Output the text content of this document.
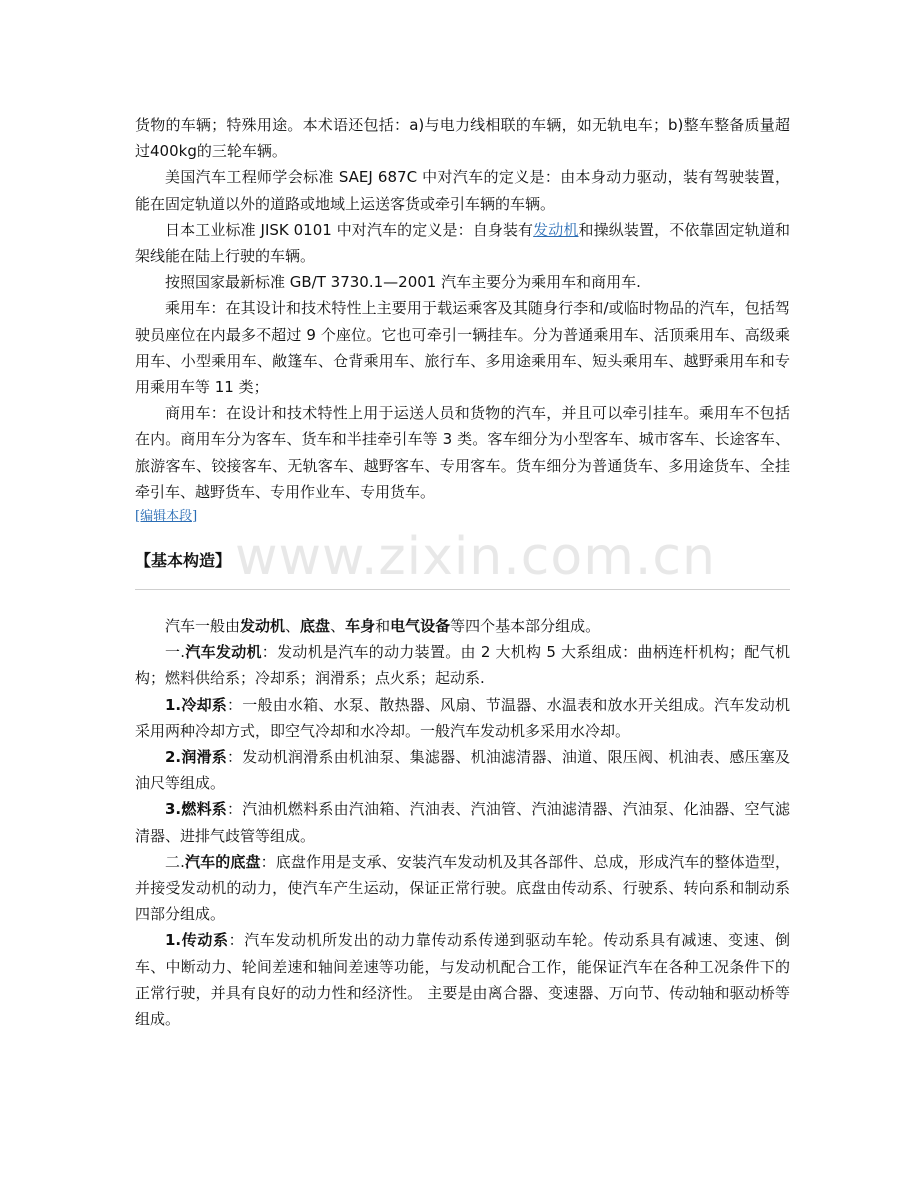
货物的车辆；特殊用途。本术语还包括：a)与电力线相联的车辆，如无轨电车；b)整车整备质量超过400kg的三轮车辆。

美国汽车工程师学会标准 SAEJ 687C 中对汽车的定义是：由本身动力驱动，装有驾驶装置，能在固定轨道以外的道路或地域上运送客货或牵引车辆的车辆。

日本工业标准 JISK 0101 中对汽车的定义是：自身装有发动机和操纵装置，不依靠固定轨道和架线能在陆上行驶的车辆。

按照国家最新标准 GB/T 3730.1—2001 汽车主要分为乘用车和商用车.

乘用车：在其设计和技术特性上主要用于载运乘客及其随身行李和/或临时物品的汽车，包括驾驶员座位在内最多不超过 9 个座位。它也可牵引一辆挂车。分为普通乘用车、活顶乘用车、高级乘用车、小型乘用车、敞篷车、仓背乘用车、旅行车、多用途乘用车、短头乘用车、越野乘用车和专用乘用车等 11 类；

商用车：在设计和技术特性上用于运送人员和货物的汽车，并且可以牵引挂车。乘用车不包括在内。商用车分为客车、货车和半挂牵引车等 3 类。客车细分为小型客车、城市客车、长途客车、旅游客车、铰接客车、无轨客车、越野客车、专用客车。货车细分为普通货车、多用途货车、全挂牵引车、越野货车、专用作业车、专用货车。

[编辑本段]
www.zixin.com.cn
【基本构造】

汽车一般由发动机、底盘、车身和电气设备等四个基本部分组成。

一.汽车发动机：发动机是汽车的动力装置。由 2 大机构 5 大系组成：曲柄连杆机构；配气机构；燃料供给系；冷却系；润滑系；点火系；起动系.

1.冷却系：一般由水箱、水泵、散热器、风扇、节温器、水温表和放水开关组成。汽车发动机采用两种冷却方式，即空气冷却和水冷却。一般汽车发动机多采用水冷却。

2.润滑系：发动机润滑系由机油泵、集滤器、机油滤清器、油道、限压阀、机油表、感压塞及油尺等组成。

3.燃料系：汽油机燃料系由汽油箱、汽油表、汽油管、汽油滤清器、汽油泵、化油器、空气滤清器、进排气歧管等组成。

二.汽车的底盘：底盘作用是支承、安装汽车发动机及其各部件、总成，形成汽车的整体造型，并接受发动机的动力，使汽车产生运动，保证正常行驶。底盘由传动系、行驶系、转向系和制动系四部分组成。

1.传动系：汽车发动机所发出的动力靠传动系传递到驱动车轮。传动系具有减速、变速、倒车、中断动力、轮间差速和轴间差速等功能，与发动机配合工作，能保证汽车在各种工况条件下的正常行驶，并具有良好的动力性和经济性。 主要是由离合器、变速器、万向节、传动轴和驱动桥等组成。
